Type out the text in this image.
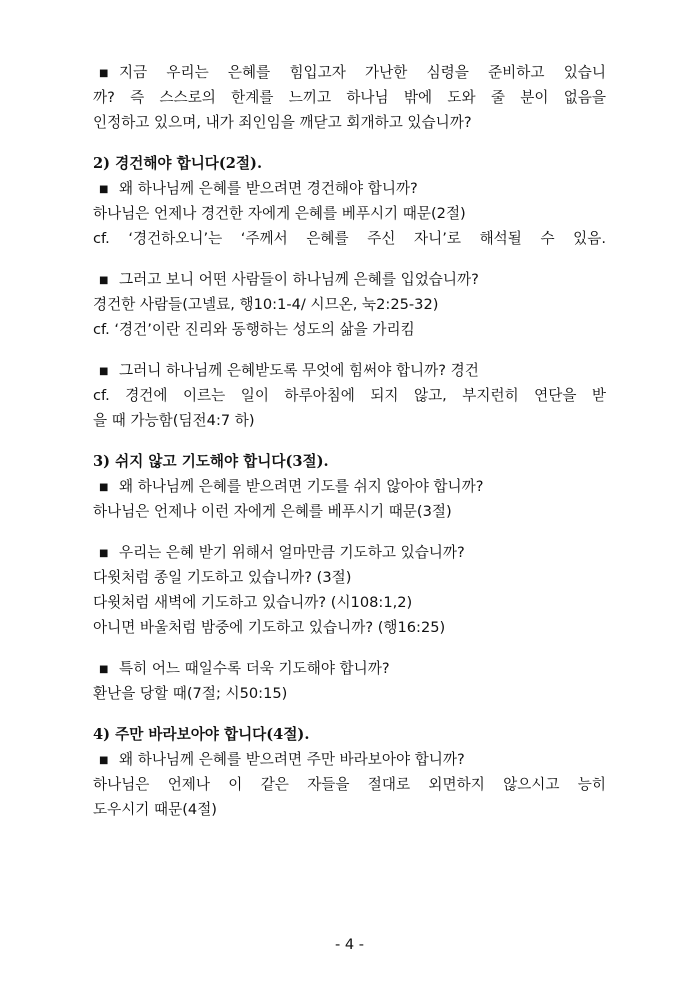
■ 지금 우리는 은혜를 힘입고자 가난한 심령을 준비하고 있습니
까? 즉 스스로의 한계를 느끼고 하나님 밖에 도와 줄 분이 없음을
인정하고 있으며, 내가 죄인임을 깨닫고 회개하고 있습니까?
2) 경건해야 합니다(2절).
■ 왜 하나님께 은혜를 받으려면 경건해야 합니까?
하나님은 언제나 경건한 자에게 은혜를 베푸시기 때문(2절)
cf. ‘경건하오니’는 ‘주께서 은혜를 주신 자니’로 해석될 수 있음.
■ 그러고 보니 어떤 사람들이 하나님께 은혜를 입었습니까?
경건한 사람들(고넬료, 행10:1-4/ 시므온, 눅2:25-32)
cf. ‘경건’이란 진리와 동행하는 성도의 삶을 가리킴
■ 그러니 하나님께 은혜받도록 무엇에 힘써야 합니까? 경건
cf. 경건에 이르는 일이 하루아침에 되지 않고, 부지런히 연단을 받
을 때 가능함(딤전4:7 하)
3) 쉬지 않고 기도해야 합니다(3절).
■ 왜 하나님께 은혜를 받으려면 기도를 쉬지 않아야 합니까?
하나님은 언제나 이런 자에게 은혜를 베푸시기 때문(3절)
■ 우리는 은혜 받기 위해서 얼마만큼 기도하고 있습니까?
다윗처럼 종일 기도하고 있습니까? (3절)
다윗처럼 새벽에 기도하고 있습니까? (시108:1,2)
아니면 바울처럼 밤중에 기도하고 있습니까? (행16:25)
■ 특히 어느 때일수록 더욱 기도해야 합니까?
환난을 당할 때(7절; 시50:15)
4) 주만 바라보아야 합니다(4절).
■ 왜 하나님께 은혜를 받으려면 주만 바라보아야 합니까?
하나님은 언제나 이 같은 자들을 절대로 외면하지 않으시고 능히
도우시기 때문(4절)
- 4 -
